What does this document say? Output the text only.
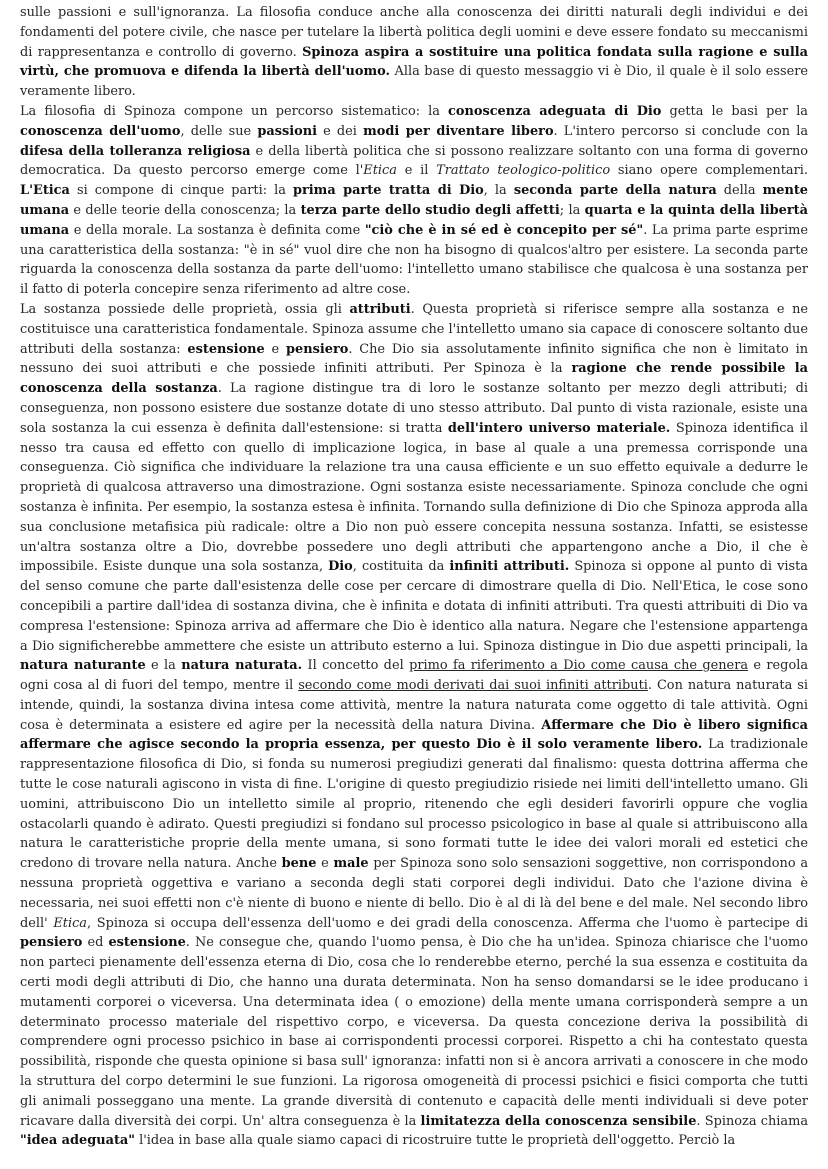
sulle passioni e sull'ignoranza. La filosofia conduce anche alla conoscenza dei diritti naturali degli individui e dei fondamenti del potere civile, che nasce per tutelare la libertà politica degli uomini e deve essere fondato su meccanismi di rappresentanza e controllo di governo. Spinoza aspira a sostituire una politica fondata sulla ragione e sulla virtù, che promuova e difenda la libertà dell'uomo. Alla base di questo messaggio vi è Dio, il quale è il solo essere veramente libero.

La filosofia di Spinoza compone un percorso sistematico: la conoscenza adeguata di Dio getta le basi per la conoscenza dell'uomo, delle sue passioni e dei modi per diventare libero. L'intero percorso si conclude con la difesa della tolleranza religiosa e della libertà politica che si possono realizzare soltanto con una forma di governo democratica. Da questo percorso emerge come l'Etica e il Trattato teologico-politico siano opere complementari. L'Etica si compone di cinque parti: la prima parte tratta di Dio, la seconda parte della natura della mente umana e delle teorie della conoscenza; la terza parte dello studio degli affetti; la quarta e la quinta della libertà umana e della morale. La sostanza è definita come "ciò che è in sé ed è concepito per sé". La prima parte esprime una caratteristica della sostanza: "è in sé" vuol dire che non ha bisogno di qualcos'altro per esistere. La seconda parte riguarda la conoscenza della sostanza da parte dell'uomo: l'intelletto umano stabilisce che qualcosa è una sostanza per il fatto di poterla concepire senza riferimento ad altre cose.

La sostanza possiede delle proprietà, ossia gli attributi. Questa proprietà si riferisce sempre alla sostanza e ne costituisce una caratteristica fondamentale. Spinoza assume che l'intelletto umano sia capace di conoscere soltanto due attributi della sostanza: estensione e pensiero. Che Dio sia assolutamente infinito significa che non è limitato in nessuno dei suoi attributi e che possiede infiniti attributi. Per Spinoza è la ragione che rende possibile la conoscenza della sostanza. La ragione distingue tra di loro le sostanze soltanto per mezzo degli attributi; di conseguenza, non possono esistere due sostanze dotate di uno stesso attributo. Dal punto di vista razionale, esiste una sola sostanza la cui essenza è definita dall'estensione: si tratta dell'intero universo materiale. Spinoza identifica il nesso tra causa ed effetto con quello di implicazione logica, in base al quale a una premessa corrisponde una conseguenza. Ciò significa che individuare la relazione tra una causa efficiente e un suo effetto equivale a dedurre le proprietà di qualcosa attraverso una dimostrazione. Ogni sostanza esiste necessariamente. Spinoza conclude che ogni sostanza è infinita. Per esempio, la sostanza estesa è infinita. Tornando sulla definizione di Dio che Spinoza approda alla sua conclusione metafisica più radicale: oltre a Dio non può essere concepita nessuna sostanza. Infatti, se esistesse un'altra sostanza oltre a Dio, dovrebbe possedere uno degli attributi che appartengono anche a Dio, il che è impossibile. Esiste dunque una sola sostanza, Dio, costituita da infiniti attributi. Spinoza si oppone al punto di vista del senso comune che parte dall'esistenza delle cose per cercare di dimostrare quella di Dio. Nell'Etica, le cose sono concepibili a partire dall'idea di sostanza divina, che è infinita e dotata di infiniti attributi. Tra questi attribuiti di Dio va compresa l'estensione: Spinoza arriva ad affermare che Dio è identico alla natura. Negare che l'estensione appartenga a Dio significherebbe ammettere che esiste un attributo esterno a lui. Spinoza distingue in Dio due aspetti principali, la natura naturante e la natura naturata. Il concetto del primo fa riferimento a Dio come causa che genera e regola ogni cosa al di fuori del tempo, mentre il secondo come modi derivati dai suoi infiniti attributi. Con natura naturata si intende, quindi, la sostanza divina intesa come attività, mentre la natura naturata come oggetto di tale attività. Ogni cosa è determinata a esistere ed agire per la necessità della natura Divina. Affermare che Dio è libero significa affermare che agisce secondo la propria essenza, per questo Dio è il solo veramente libero. La tradizionale rappresentazione filosofica di Dio, si fonda su numerosi pregiudizi generati dal finalismo: questa dottrina afferma che tutte le cose naturali agiscono in vista di fine. L'origine di questo pregiudizio risiede nei limiti dell'intelletto umano. Gli uomini, attribuiscono Dio un intelletto simile al proprio, ritenendo che egli desideri favorirli oppure che voglia ostacolarli quando è adirato. Questi pregiudizi si fondano sul processo psicologico in base al quale si attribuiscono alla natura le caratteristiche proprie della mente umana, si sono formati tutte le idee dei valori morali ed estetici che credono di trovare nella natura. Anche bene e male per Spinoza sono solo sensazioni soggettive, non corrispondono a nessuna proprietà oggettiva e variano a seconda degli stati corporei degli individui. Dato che l'azione divina è necessaria, nei suoi effetti non c'è niente di buono e niente di bello. Dio è al di là del bene e del male. Nel secondo libro dell' Etica, Spinoza si occupa dell'essenza dell'uomo e dei gradi della conoscenza. Afferma che l'uomo è partecipe di pensiero ed estensione. Ne consegue che, quando l'uomo pensa, è Dio che ha un'idea. Spinoza chiarisce che l'uomo non parteci pienamente dell'essenza eterna di Dio, cosa che lo renderebbe eterno, perché la sua essenza e costituita da certi modi degli attributi di Dio, che hanno una durata determinata. Non ha senso domandarsi se le idee producano i mutamenti corporei o viceversa. Una determinata idea ( o emozione) della mente umana corrisponderà sempre a un determinato processo materiale del rispettivo corpo, e viceversa. Da questa concezione deriva la possibilità di comprendere ogni processo psichico in base ai corrispondenti processi corporei. Rispetto a chi ha contestato questa possibilità, risponde che questa opinione si basa sull' ignoranza: infatti non si è ancora arrivati a conoscere in che modo la struttura del corpo determini le sue funzioni. La rigorosa omogeneità di processi psichici e fisici comporta che tutti gli animali posseggano una mente. La grande diversità di contenuto e capacità delle menti individuali si deve poter ricavare dalla diversità dei corpi. Un' altra conseguenza è la limitatezza della conoscenza sensibile. Spinoza chiama "idea adeguata" l'idea in base alla quale siamo capaci di ricostruire tutte le proprietà dell'oggetto. Perciò la
